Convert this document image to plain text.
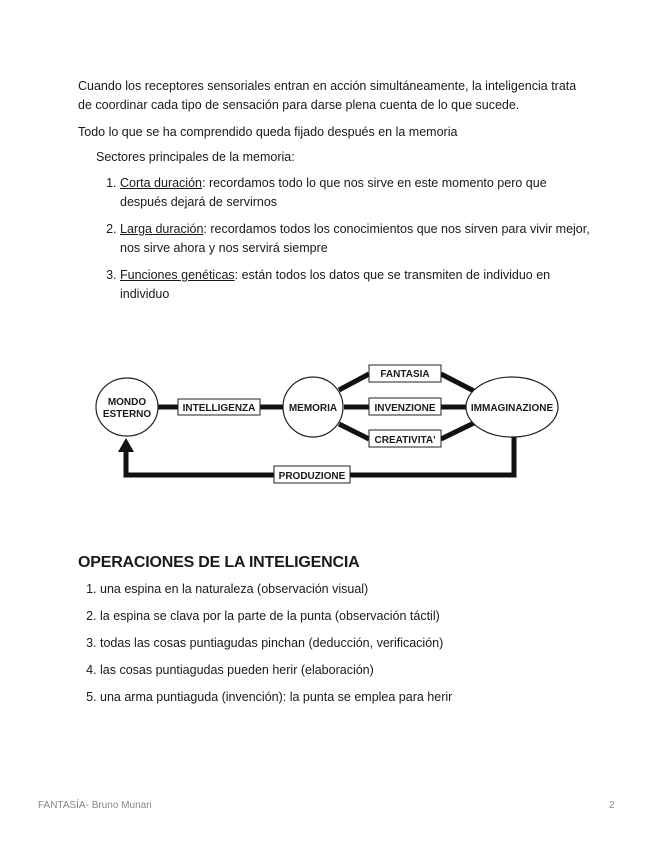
Cuando los receptores sensoriales entran en acción simultáneamente, la inteligencia trata de coordinar cada tipo de sensación para darse plena cuenta de lo que sucede.

Todo lo que se ha comprendido queda fijado después en la memoria

Sectores principales de la memoria:

1. Corta duración: recordamos todo lo que nos sirve en este momento pero que después dejará de servirnos
2. Larga duración: recordamos todos los conocimientos que nos sirven para vivir mejor, nos sirve ahora y nos servirá siempre
3. Funciones genéticas: están todos los datos que se transmiten de individuo en individuo
MONDO
ESTERNO
INTELLIGENZA	MEMORIA
FANTASIA
INVENZIONE
CREATIVITA'
IMMAGINAZIONE
PRODUZIONE
OPERACIONES DE LA INTELIGENCIA
1. una espina en la naturaleza (observación visual)
2. la espina se clava por la parte de la punta (observación táctil)
3. todas las cosas puntiagudas pinchan (deducción, verificación)
4. las cosas puntiagudas pueden herir (elaboración)
5. una arma puntiaguda (invención): la punta se emplea para herir
FANTASÍA- Bruno Munari	2
